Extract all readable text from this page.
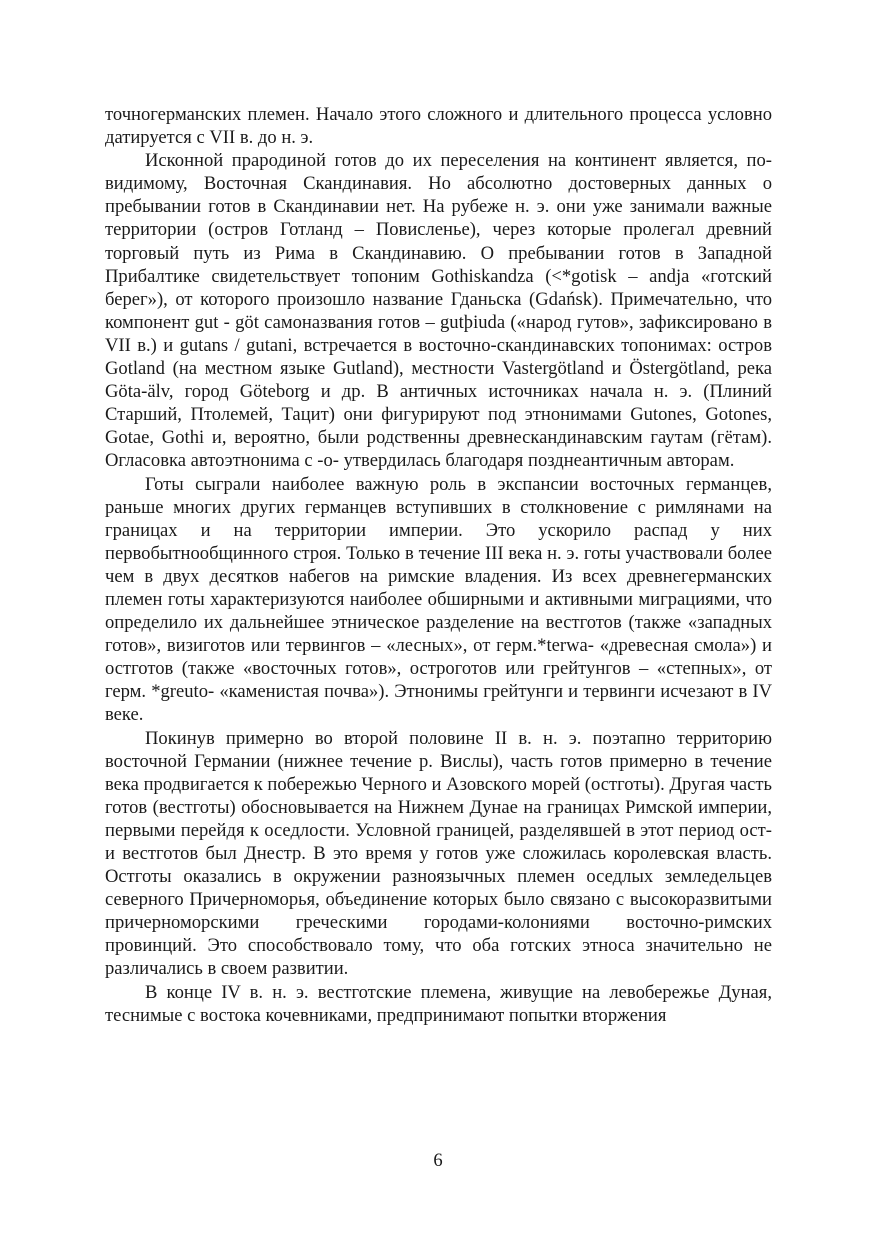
точногерманских племен. Начало этого сложного и длительного процесса условно датируется с VII в. до н. э.

Исконной прародиной готов до их переселения на континент является, по-видимому, Восточная Скандинавия. Но абсолютно достоверных данных о пребывании готов в Скандинавии нет. На рубеже н. э. они уже занимали важные территории (остров Готланд – Повисленье), через которые пролегал древний торговый путь из Рима в Скандинавию. О пребывании готов в Западной Прибалтике свидетельствует топоним Gothiskandza (<*gotisk – andja «готский берег»), от которого произошло название Гданьска (Gdańsk). Примечательно, что компонент gut - göt самоназвания готов – gutþiuda («народ гутов», зафиксировано в VII в.) и gutans / gutani, встречается в восточно-скандинавских топонимах: остров Gotland (на местном языке Gutland), местности Vastergötland и Östergötland, река Göta-älv, город Göteborg и др. В античных источниках начала н. э. (Плиний Старший, Птолемей, Тацит) они фигурируют под этнонимами Gutones, Gotones, Gotae, Gothi и, вероятно, были родственны древнескандинавским гаутам (гётам). Огласовка автоэтнонима с -о- утвердилась благодаря позднеантичным авторам.

Готы сыграли наиболее важную роль в экспансии восточных германцев, раньше многих других германцев вступивших в столкновение с римлянами на границах и на территории империи. Это ускорило распад у них первобытнообщинного строя. Только в течение III века н. э. готы участвовали более чем в двух десятков набегов на римские владения. Из всех древнегерманских племен готы характеризуются наиболее обширными и активными миграциями, что определило их дальнейшее этническое разделение на вестготов (также «западных готов», визиготов или тервингов – «лесных», от герм.*terwa- «древесная смола») и остготов (также «восточных готов», остроготов или грейтунгов – «степных», от герм. *greuto- «каменистая почва»). Этнонимы грейтунги и тервинги исчезают в IV веке.

Покинув примерно во второй половине II в. н. э. поэтапно территорию восточной Германии (нижнее течение р. Вислы), часть готов примерно в течение века продвигается к побережью Черного и Азовского морей (остготы). Другая часть готов (вестготы) обосновывается на Нижнем Дунае на границах Римской империи, первыми перейдя к оседлости. Условной границей, разделявшей в этот период ост- и вестготов был Днестр. В это время у готов уже сложилась королевская власть. Остготы оказались в окружении разноязычных племен оседлых земледельцев северного Причерноморья, объединение которых было связано с высокоразвитыми причерноморскими греческими городами-колониями восточно-римских провинций. Это способствовало тому, что оба готских этноса значительно не различались в своем развитии.

В конце IV в. н. э. вестготские племена, живущие на левобережье Дуная, теснимые с востока кочевниками, предпринимают попытки вторжения

6
